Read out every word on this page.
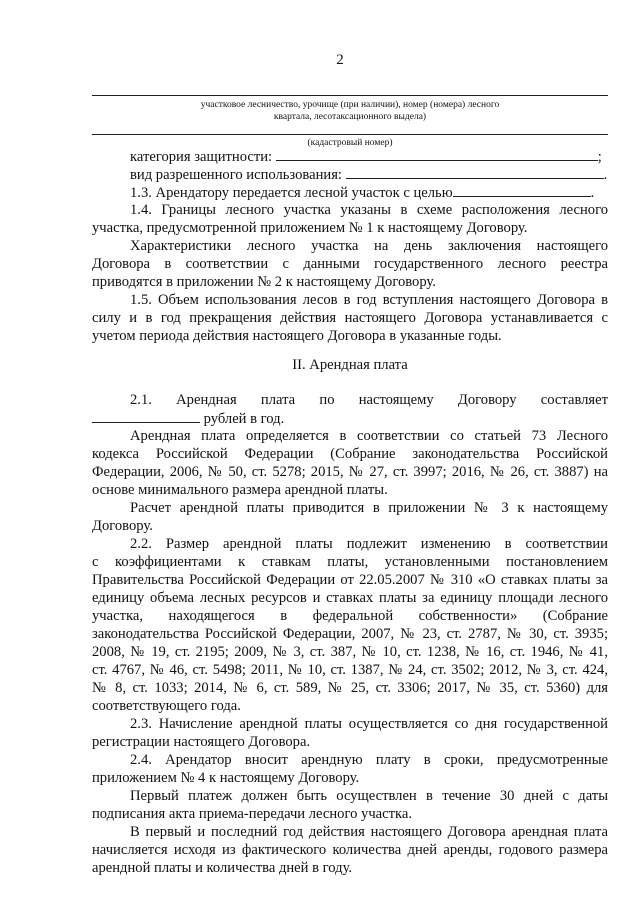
2
участковое лесничество, урочище (при наличии), номер (номера) лесного
квартала, лесотаксационного выдела)
(кадастровый номер)
категория защитности:	;
вид разрешенного использования:	.
1.3. Арендатору передается лесной участок с целью	.
1.4. Границы лесного участка указаны в схеме расположения лесного
участка, предусмотренной приложением № 1 к настоящему Договору.
Характеристики лесного участка на день заключения настоящего
Договора в соответствии с данными государственного лесного реестра
приводятся в приложении № 2 к настоящему Договору.
1.5. Объем использования лесов в год вступления настоящего Договора в
силу и в год прекращения действия настоящего Договора устанавливается с
учетом периода действия настоящего Договора в указанные годы.
II. Арендная плата
2.1. Арендная плата по настоящему Договору составляет
рублей в год.
Арендная плата определяется в соответствии со статьей 73 Лесного
кодекса Российской Федерации (Собрание законодательства Российской
Федерации, 2006, № 50, ст. 5278; 2015, № 27, ст. 3997; 2016, № 26, ст. 3887) на
основе минимального размера арендной платы.
Расчет арендной платы приводится в приложении № 3 к настоящему
Договору.
2.2. Размер арендной платы подлежит изменению в соответствии
с коэффициентами к ставкам платы, установленными постановлением
Правительства Российской Федерации от 22.05.2007 № 310 «О ставках платы за
единицу объема лесных ресурсов и ставках платы за единицу площади лесного
участка, находящегося в федеральной собственности» (Собрание
законодательства Российской Федерации, 2007, № 23, ст. 2787, № 30, ст. 3935;
2008, № 19, ст. 2195; 2009, № 3, ст. 387, № 10, ст. 1238, № 16, ст. 1946, № 41,
ст. 4767, № 46, ст. 5498; 2011, № 10, ст. 1387, № 24, ст. 3502; 2012, № 3, ст. 424,
№ 8, ст. 1033; 2014, № 6, ст. 589, № 25, ст. 3306; 2017, № 35, ст. 5360) для
соответствующего года.
2.3. Начисление арендной платы осуществляется со дня государственной
регистрации настоящего Договора.
2.4. Арендатор вносит арендную плату в сроки, предусмотренные
приложением № 4 к настоящему Договору.
Первый платеж должен быть осуществлен в течение 30 дней с даты
подписания акта приема-передачи лесного участка.
В первый и последний год действия настоящего Договора арендная плата
начисляется исходя из фактического количества дней аренды, годового размера
арендной платы и количества дней в году.
